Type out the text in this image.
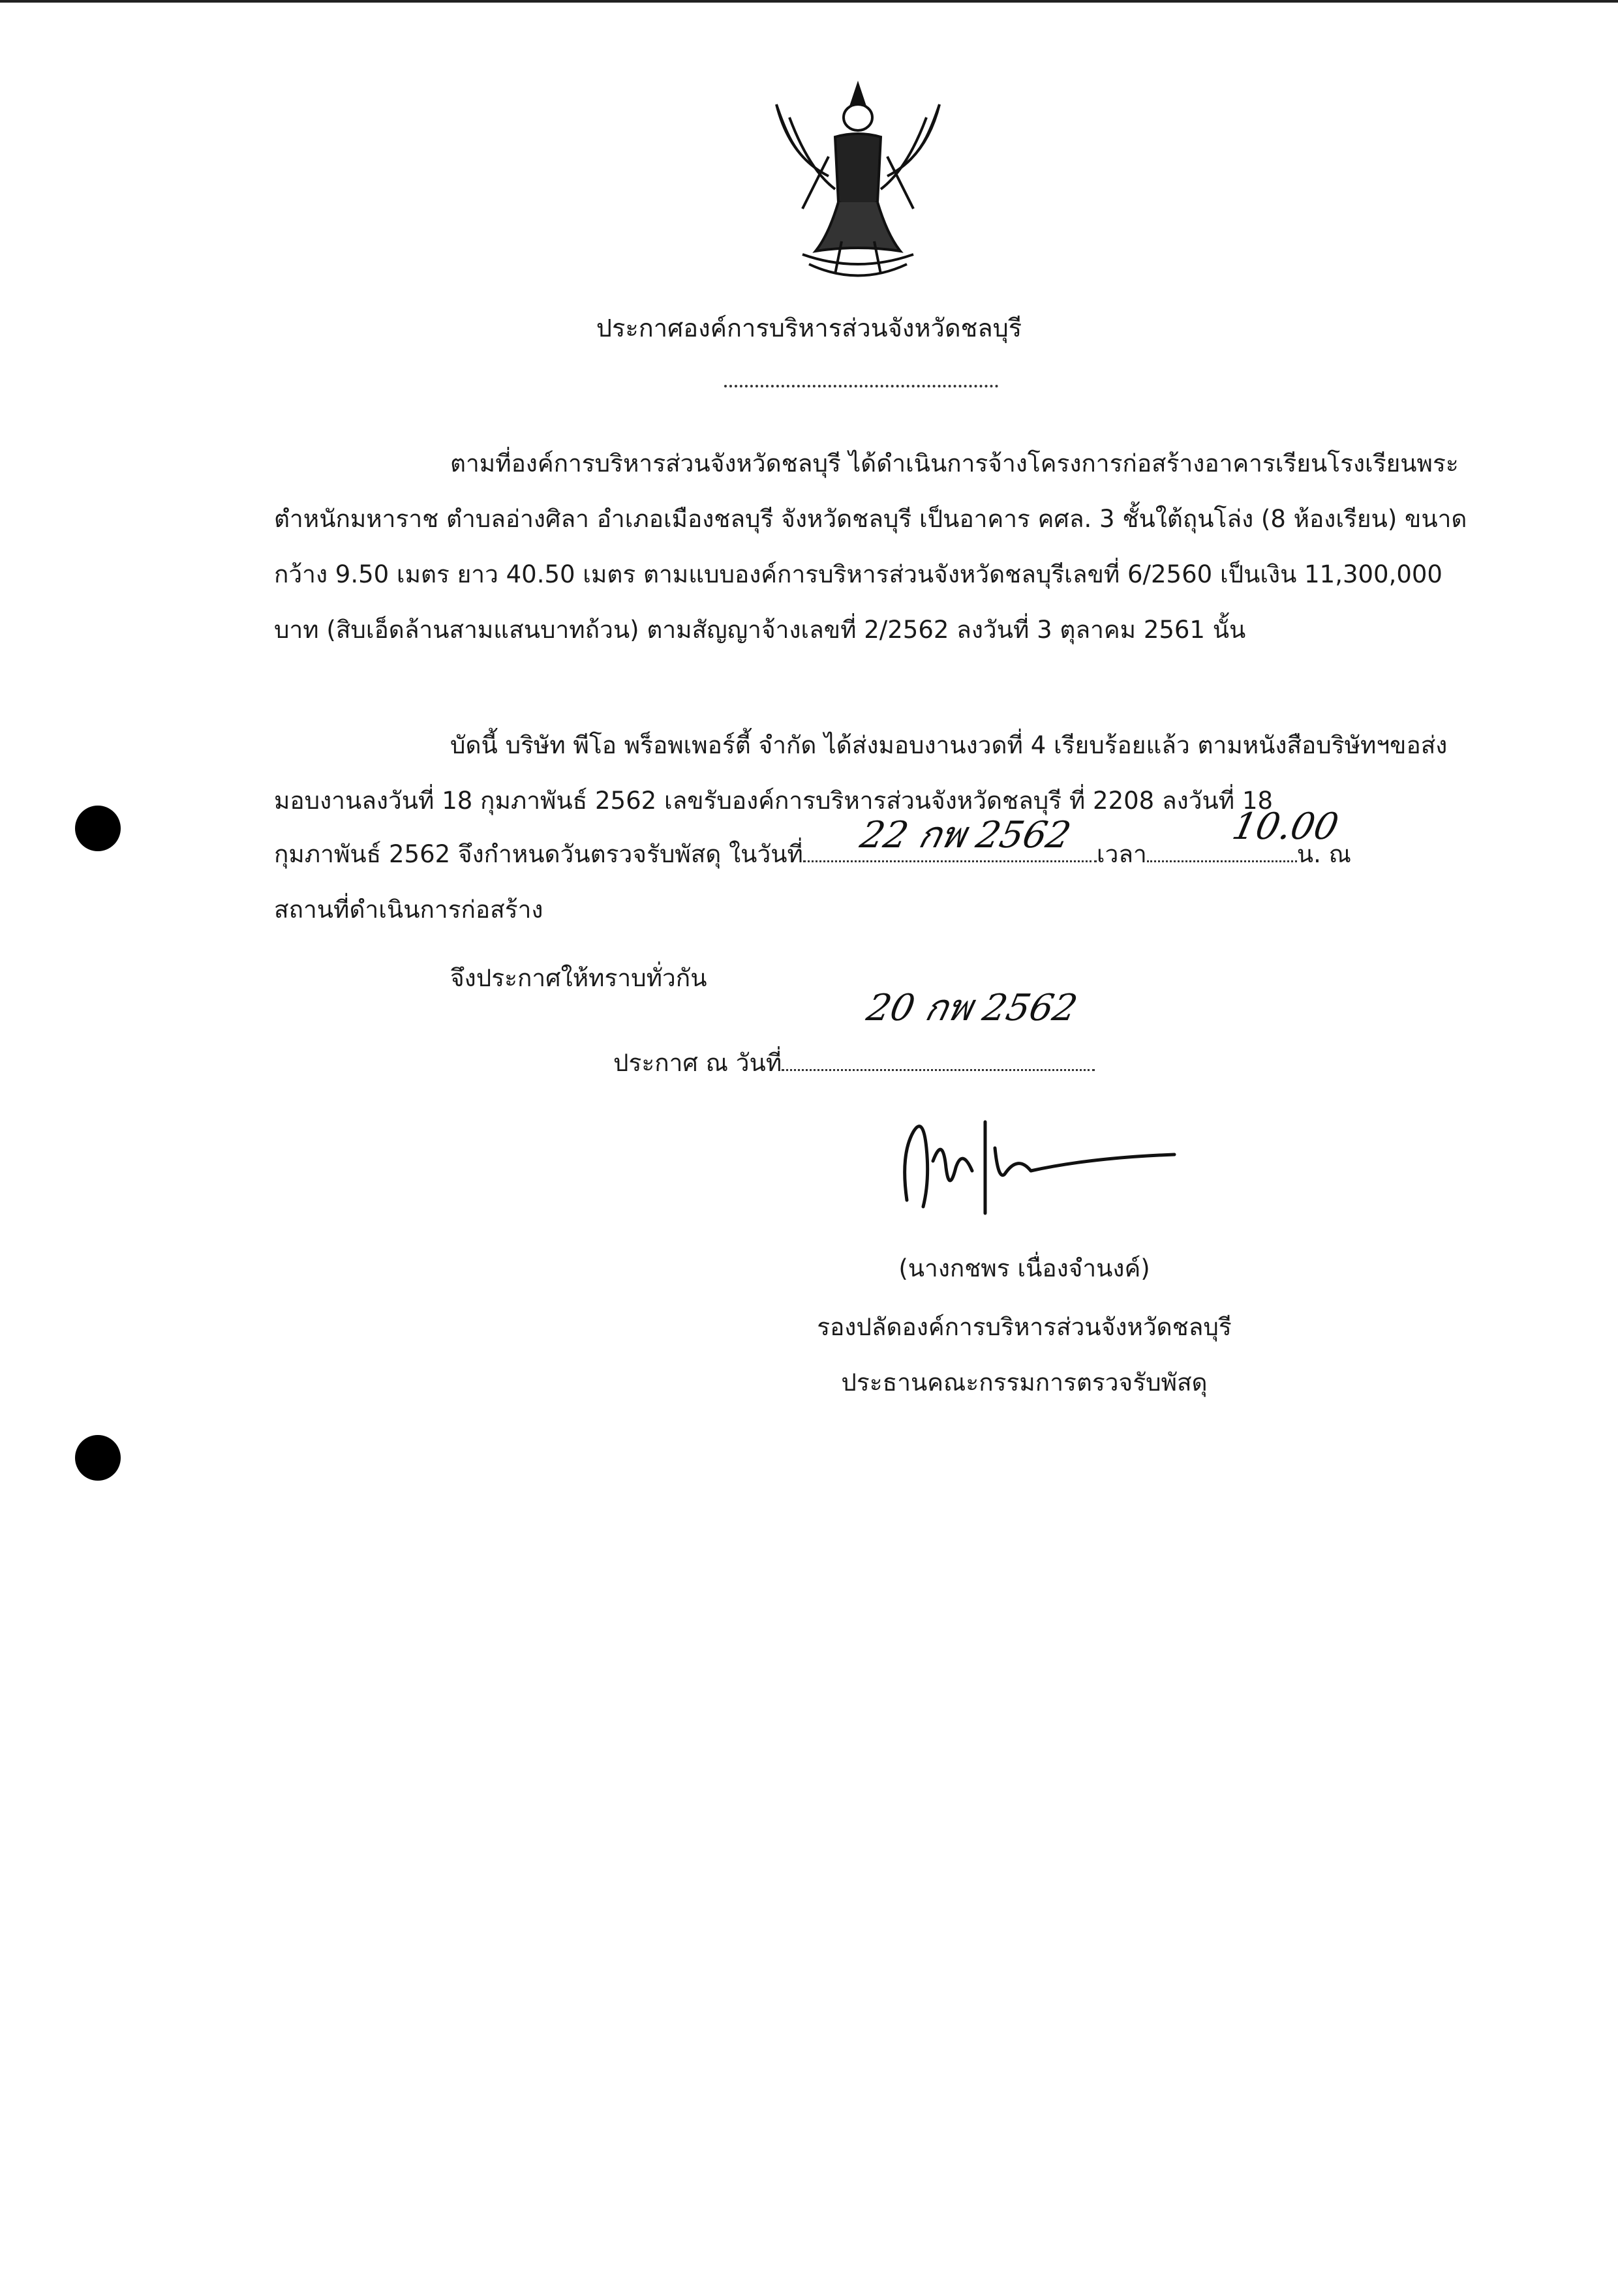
ประกาศองค์การบริหารส่วนจังหวัดชลบุรี
ตามที่องค์การบริหารส่วนจังหวัดชลบุรี ได้ดำเนินการจ้างโครงการก่อสร้างอาคารเรียนโรงเรียนพระตำหนักมหาราช ตำบลอ่างศิลา อำเภอเมืองชลบุรี จังหวัดชลบุรี เป็นอาคาร คศล. 3 ชั้นใต้ถุนโล่ง (8 ห้องเรียน) ขนาดกว้าง 9.50 เมตร ยาว 40.50 เมตร ตามแบบองค์การบริหารส่วนจังหวัดชลบุรีเลขที่ 6/2560 เป็นเงิน 11,300,000 บาท (สิบเอ็ดล้านสามแสนบาทถ้วน) ตามสัญญาจ้างเลขที่ 2/2562 ลงวันที่ 3 ตุลาคม 2561 นั้น
บัดนี้ บริษัท พีโอ พร็อพเพอร์ตี้ จำกัด ได้ส่งมอบงานงวดที่ 4 เรียบร้อยแล้ว ตามหนังสือบริษัทฯขอส่งมอบงานลงวันที่ 18 กุมภาพันธ์ 2562 เลขรับองค์การบริหารส่วนจังหวัดชลบุรี ที่ 2208 ลงวันที่ 18
กุมภาพันธ์ 2562 จึงกำหนดวันตรวจรับพัสดุ ในวันที่	เวลา	น. ณ
22 กพ 2562	10.00
สถานที่ดำเนินการก่อสร้าง
จึงประกาศให้ทราบทั่วกัน
20 กพ 2562
ประกาศ ณ วันที่
(นางกชพร เนื่องจำนงค์)
รองปลัดองค์การบริหารส่วนจังหวัดชลบุรี
ประธานคณะกรรมการตรวจรับพัสดุ
